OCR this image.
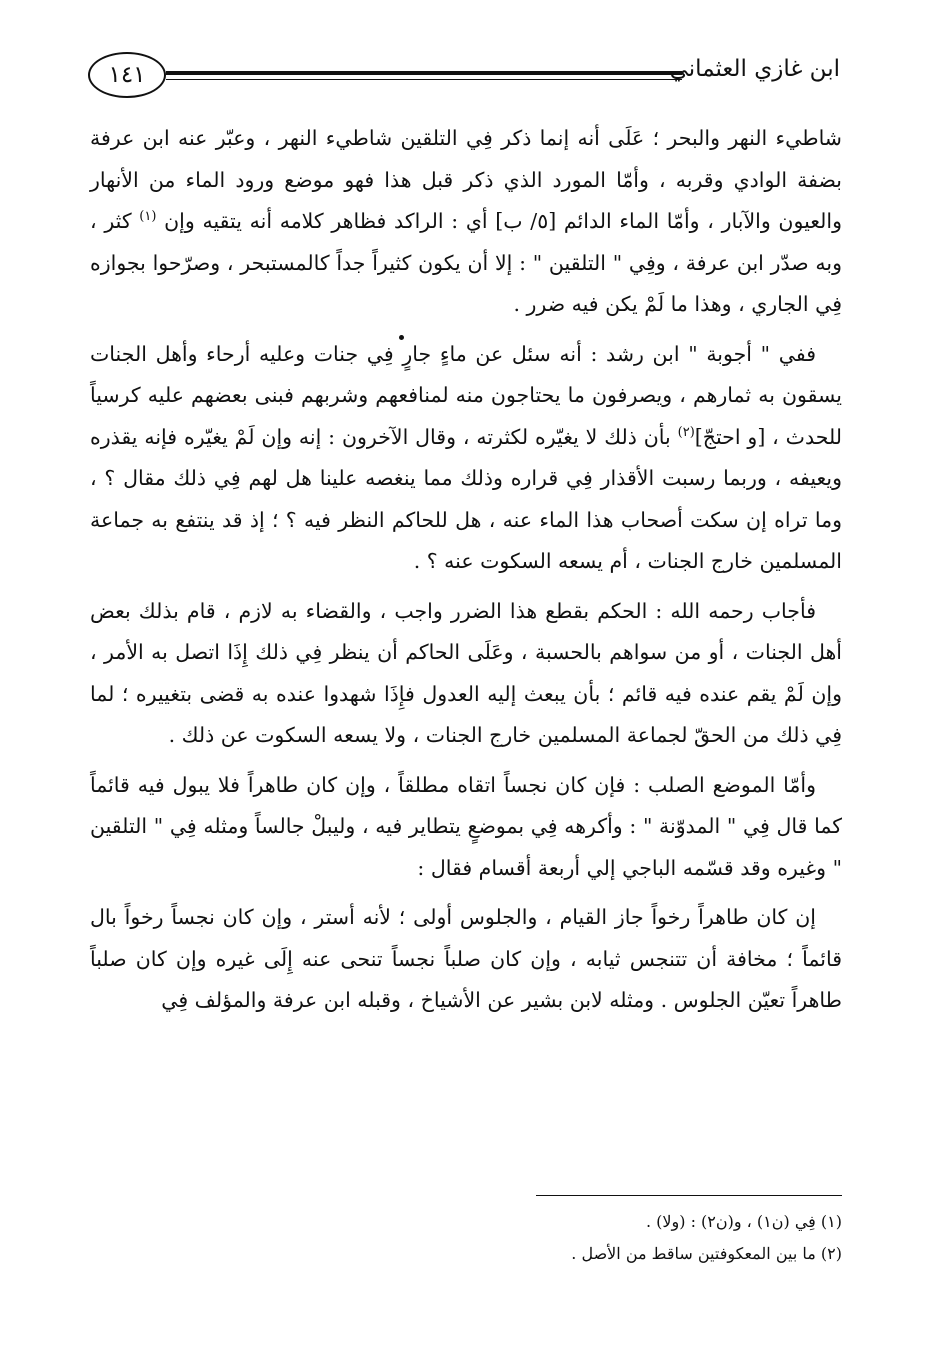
١٤١	ابن غازي العثماني

شاطيء النهر والبحر ؛ عَلَى أنه إنما ذكر فِي التلقين شاطيء النهر ، وعبّر عنه ابن عرفة بضفة الوادي وقربه ، وأمّا المورد الذي ذكر قبل هذا فهو موضع ورود الماء من الأنهار والعيون والآبار ، وأمّا الماء الدائم [٥/ ب] أي : الراكد فظاهر كلامه أنه يتقيه وإن $^{(١)}$ كثر ، وبه صدّر ابن عرفة ، وفِي " التلقين " : إلا أن يكون كثيراً جداً كالمستبحر ، وصرّحوا بجوازه فِي الجاري ، وهذا ما لَمْ يكن فيه ضرر .

ففي " أجوبة " ابن رشد : أنه سئل عن ماءٍ جارٍ فِي جنات وعليه أرحاء وأهل الجنات يسقون به ثمارهم ، ويصرفون ما يحتاجون منه لمنافعهم وشربهم فبنى بعضهم عليه كرسياً للحدث ، [و احتجّ]$^{(٢)}$ بأن ذلك لا يغيّره لكثرته ، وقال الآخرون : إنه وإن لَمْ يغيّره فإنه يقذره ويعيفه ، وربما رسبت الأقذار فِي قراره وذلك مما ينغصه علينا هل لهم فِي ذلك مقال ؟ ، وما تراه إن سكت أصحاب هذا الماء عنه ، هل للحاكم النظر فيه ؟ ؛ إذ قد ينتفع به جماعة المسلمين خارج الجنات ، أم يسعه السكوت عنه ؟ .

فأجاب رحمه الله : الحكم بقطع هذا الضرر واجب ، والقضاء به لازم ، قام بذلك بعض أهل الجنات ، أو من سواهم بالحسبة ، وعَلَى الحاكم أن ينظر فِي ذلك إِذَا اتصل به الأمر ، وإن لَمْ يقم عنده فيه قائم ؛ بأن يبعث إليه العدول فإِذَا شهدوا عنده به قضى بتغييره ؛ لما فِي ذلك من الحقّ لجماعة المسلمين خارج الجنات ، ولا يسعه السكوت عن ذلك .

وأمّا الموضع الصلب : فإن كان نجساً اتقاه مطلقاً ، وإن كان طاهراً فلا يبول فيه قائماً كما قال فِي " المدوّنة " : وأكرهه فِي بموضعٍ يتطاير فيه ، وليبلْ جالساً ومثله فِي " التلقين " وغيره وقد قسّمه الباجي إلي أربعة أقسام فقال :

إن كان طاهراً رخواً جاز القيام ، والجلوس أولى ؛ لأنه أستر ، وإن كان نجساً رخواً بال قائماً ؛ مخافة أن تتنجس ثيابه ، وإن كان صلباً نجساً تنحى عنه إِلَى غيره وإن كان صلباً طاهراً تعيّن الجلوس . ومثله لابن بشير عن الأشياخ ، وقبله ابن عرفة والمؤلف فِي

(١) فِي (ن١) ، و(ن٢) : (ولا) .
(٢) ما بين المعكوفتين ساقط من الأصل .
